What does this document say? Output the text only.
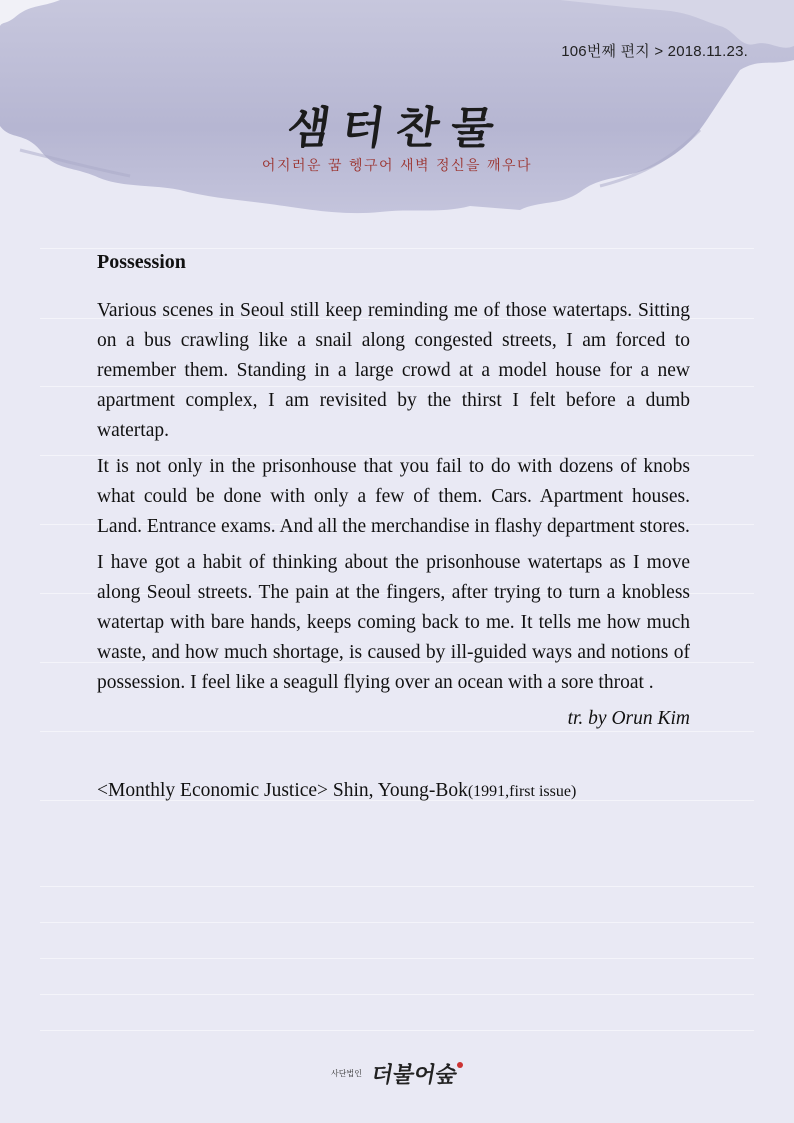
106번째 편지 > 2018.11.23.
샘터찬물
어지러운 꿈 헹구어 새벽 정신을 깨우다
Possession

Various scenes in Seoul still keep reminding me of those watertaps. Sitting on a bus crawling like a snail along congested streets, I am forced to remember them. Standing in a large crowd at a model house for a new apartment complex, I am revisited by the thirst I felt before a dumb watertap.

It is not only in the prisonhouse that you fail to do with dozens of knobs what could be done with only a few of them. Cars. Apartment houses. Land. Entrance exams. And all the merchandise in flashy department stores.

I have got a habit of thinking about the prisonhouse watertaps as I move along Seoul streets. The pain at the fingers, after trying to turn a knobless watertap with bare hands, keeps coming back to me. It tells me how much waste, and how much shortage, is caused by ill-guided ways and notions of possession. I feel like a seagull flying over an ocean with a sore throat .

tr. by Orun Kim
<Monthly Economic Justice> Shin, Young-Bok(1991,first issue)
사단법인 더불어숲
